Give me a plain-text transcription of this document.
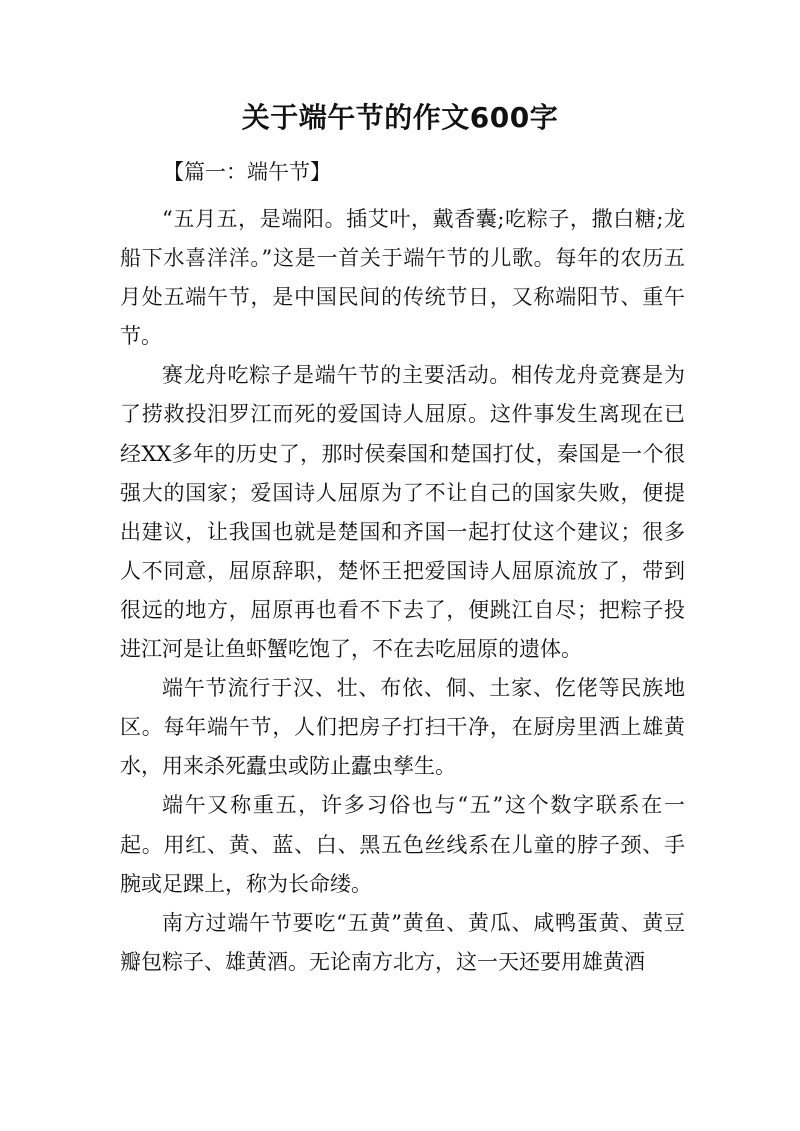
关于端午节的作文600字
【篇一：端午节】

“五月五，是端阳。插艾叶，戴香囊;吃粽子，撒白糖;龙船下水喜洋洋。”这是一首关于端午节的儿歌。每年的农历五月处五端午节，是中国民间的传统节日，又称端阳节、重午节。

赛龙舟吃粽子是端午节的主要活动。相传龙舟竞赛是为了捞救投汨罗江而死的爱国诗人屈原。这件事发生离现在已经XX多年的历史了，那时侯秦国和楚国打仗，秦国是一个很强大的国家；爱国诗人屈原为了不让自己的国家失败，便提出建议，让我国也就是楚国和齐国一起打仗这个建议；很多人不同意，屈原辞职，楚怀王把爱国诗人屈原流放了，带到很远的地方，屈原再也看不下去了，便跳江自尽；把粽子投进江河是让鱼虾蟹吃饱了，不在去吃屈原的遗体。

端午节流行于汉、壮、布依、侗、土家、仡佬等民族地区。每年端午节，人们把房子打扫干净，在厨房里洒上雄黄水，用来杀死蠹虫或防止蠹虫孳生。

端午又称重五，许多习俗也与“五”这个数字联系在一起。用红、黄、蓝、白、黑五色丝线系在儿童的脖子颈、手腕或足踝上，称为长命缕。

南方过端午节要吃“五黄”黄鱼、黄瓜、咸鸭蛋黄、黄豆瓣包粽子、雄黄酒。无论南方北方，这一天还要用雄黄酒
